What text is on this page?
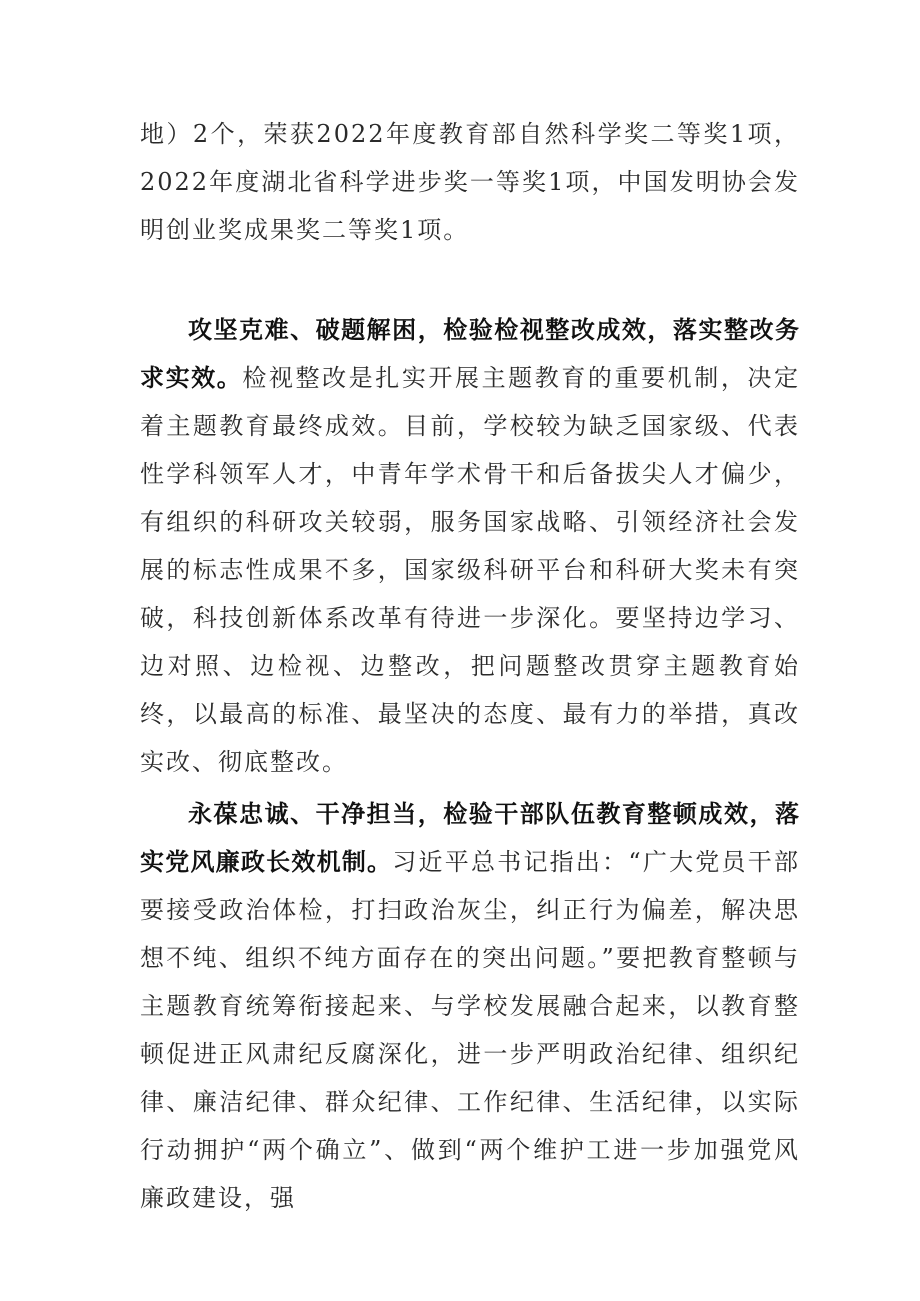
地）2个，荣获2022年度教育部自然科学奖二等奖1项，2022年度湖北省科学进步奖一等奖1项，中国发明协会发明创业奖成果奖二等奖1项。

攻坚克难、破题解困，检验检视整改成效，落实整改务求实效。检视整改是扎实开展主题教育的重要机制，决定着主题教育最终成效。目前，学校较为缺乏国家级、代表性学科领军人才，中青年学术骨干和后备拔尖人才偏少，有组织的科研攻关较弱，服务国家战略、引领经济社会发展的标志性成果不多，国家级科研平台和科研大奖未有突破，科技创新体系改革有待进一步深化。要坚持边学习、边对照、边检视、边整改，把问题整改贯穿主题教育始终，以最高的标准、最坚决的态度、最有力的举措，真改实改、彻底整改。

永葆忠诚、干净担当，检验干部队伍教育整顿成效，落实党风廉政长效机制。习近平总书记指出：“广大党员干部要接受政治体检，打扫政治灰尘，纠正行为偏差，解决思想不纯、组织不纯方面存在的突出问题。”要把教育整顿与主题教育统筹衔接起来、与学校发展融合起来，以教育整顿促进正风肃纪反腐深化，进一步严明政治纪律、组织纪律、廉洁纪律、群众纪律、工作纪律、生活纪律，以实际行动拥护“两个确立”、做到“两个维护工进一步加强党风廉政建设，强
